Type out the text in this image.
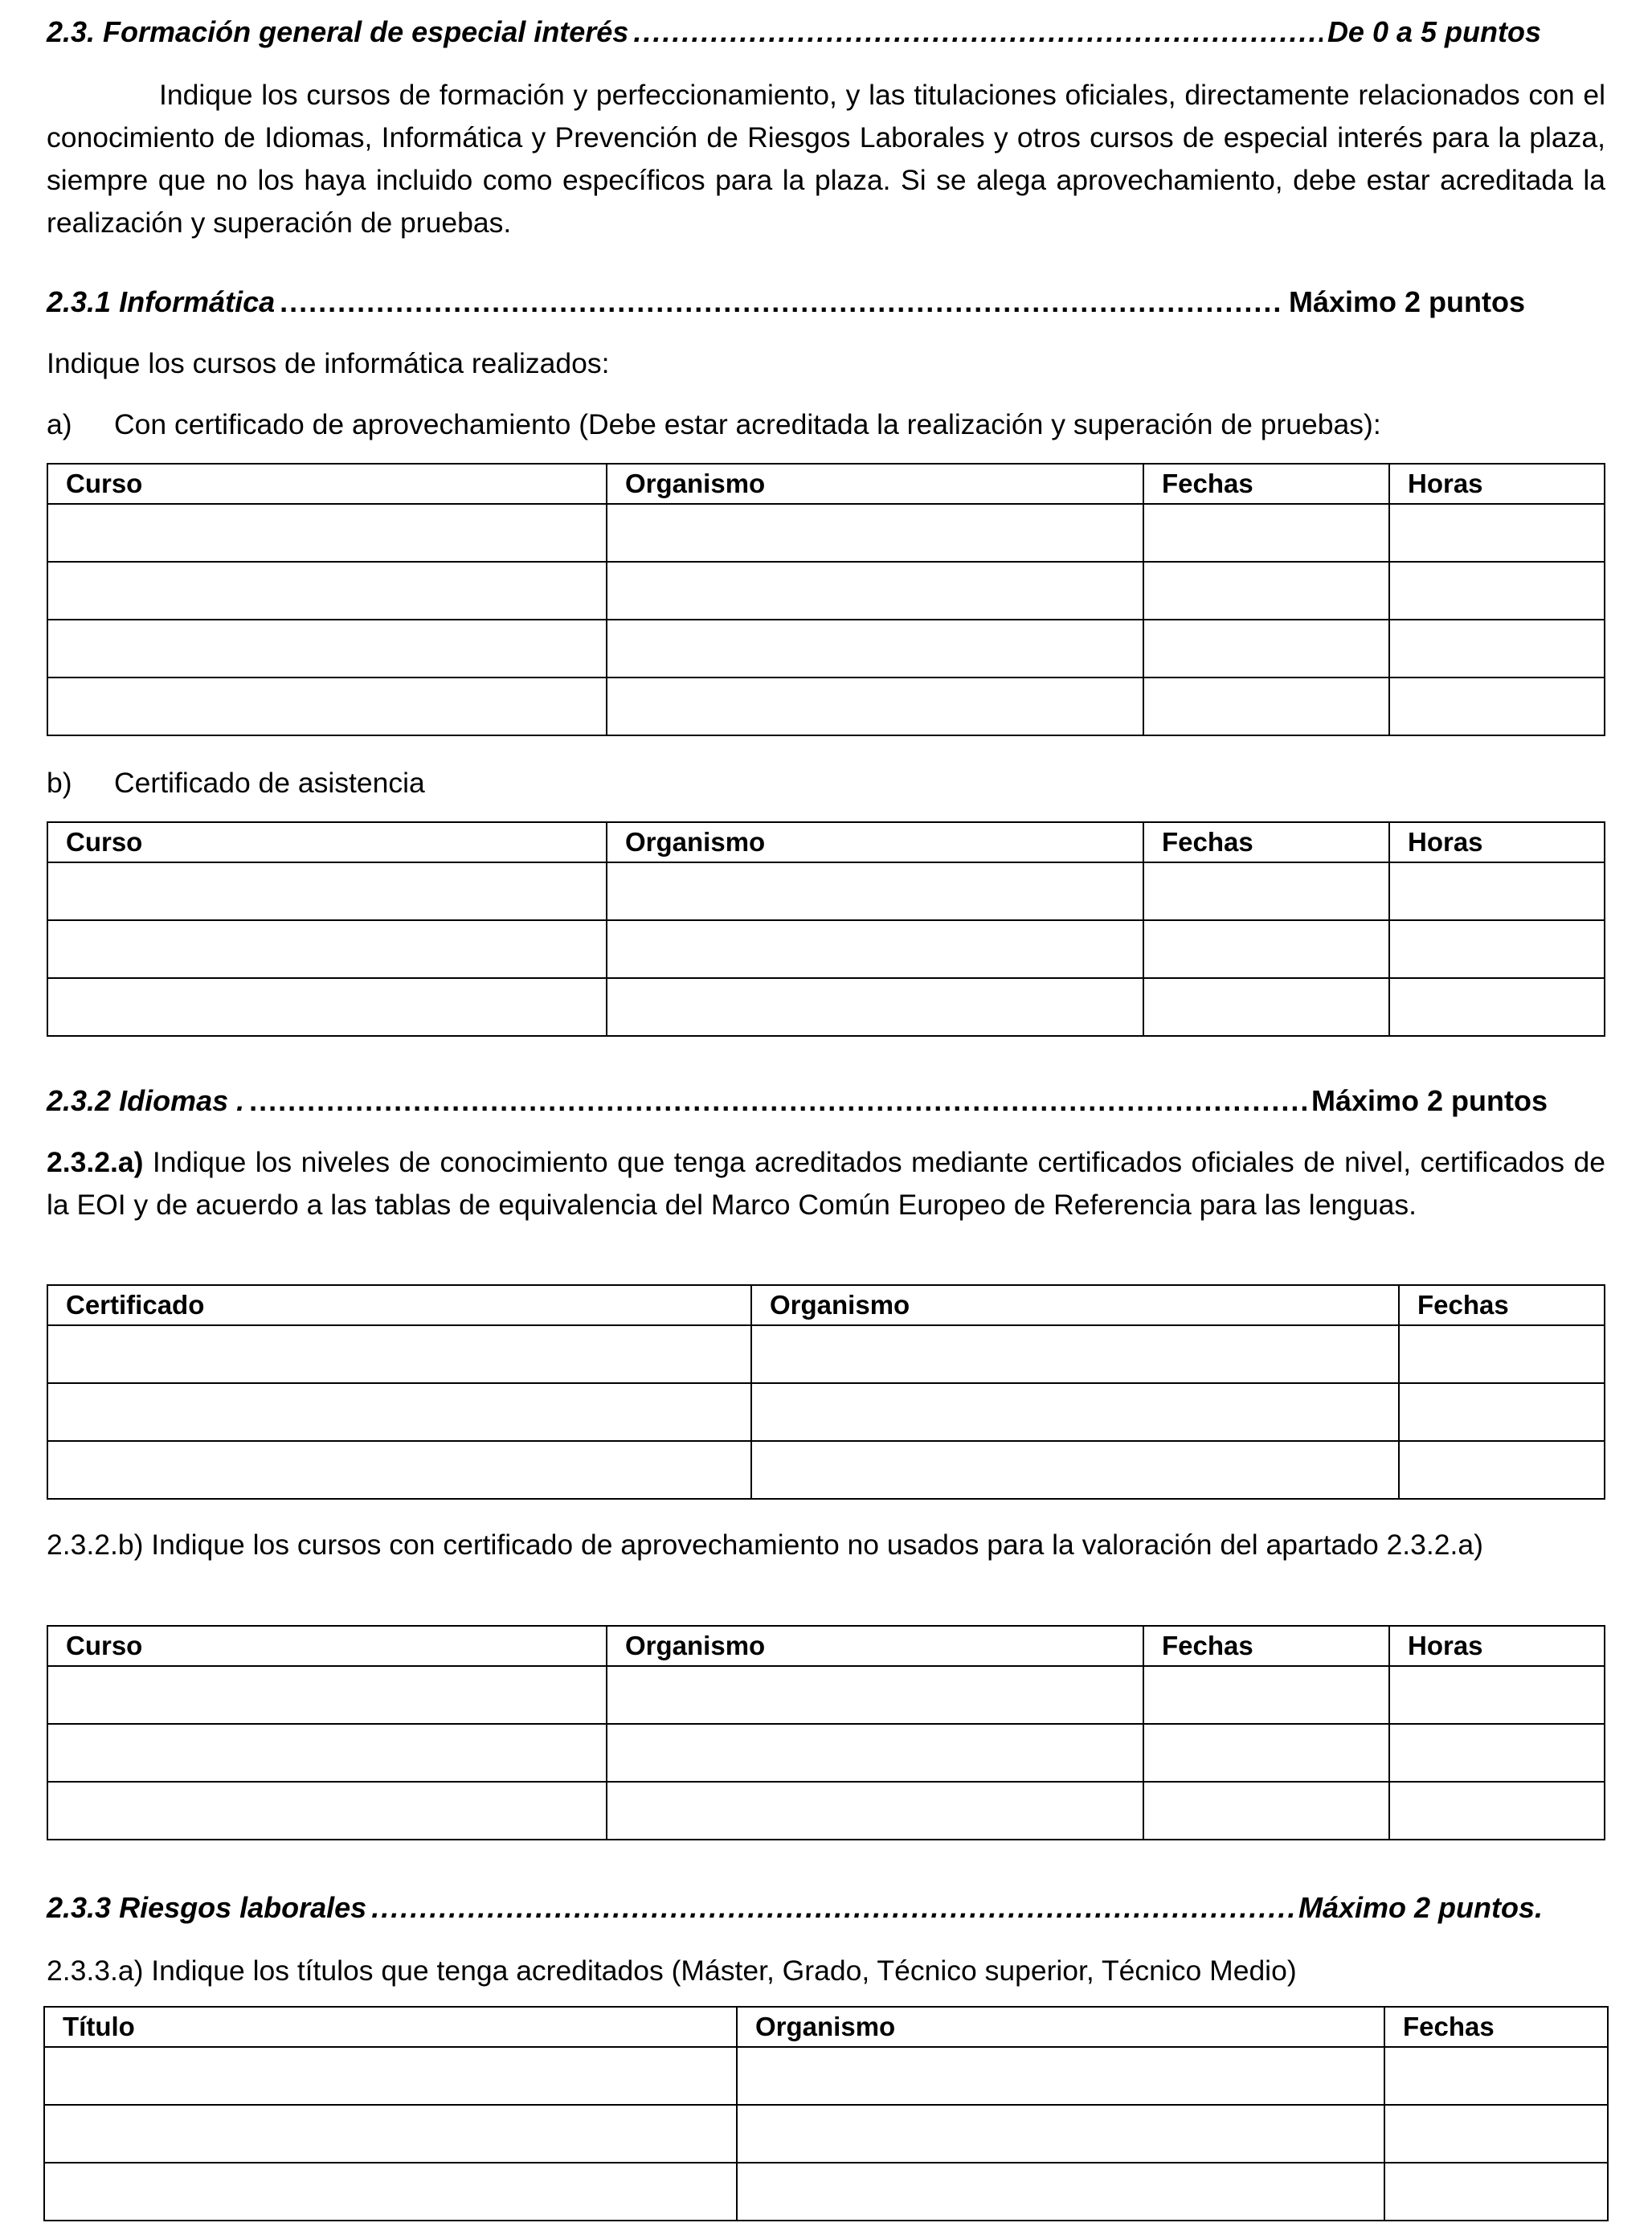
2.3. Formación general de especial interés .....	De 0 a 5 puntos

Indique los cursos de formación y perfeccionamiento, y las titulaciones oficiales, directamente relacionados con el conocimiento de Idiomas, Informática y Prevención de Riesgos Laborales y otros cursos de especial interés para la plaza, siempre que no los haya incluido como específicos para la plaza. Si se alega aprovechamiento, debe estar acreditada la realización y superación de pruebas.

2.3.1 Informática .....	Máximo 2 puntos

Indique los cursos de informática realizados:

a)	Con certificado de aprovechamiento (Debe estar acreditada la realización y superación de pruebas):
Curso	Organismo	Fechas	Horas

b)	Certificado de asistencia
Curso	Organismo	Fechas	Horas

2.3.2 Idiomas . .....	Máximo 2 puntos

2.3.2.a) Indique los niveles de conocimiento que tenga acreditados mediante certificados oficiales de nivel, certificados de la EOI y de acuerdo a las tablas de equivalencia del Marco Común Europeo de Referencia para las lenguas.

Certificado	Organismo	Fechas

2.3.2.b) Indique los cursos con certificado de aprovechamiento no usados para la valoración del apartado 2.3.2.a)

Curso	Organismo	Fechas	Horas

2.3.3 Riesgos laborales .....	Máximo 2 puntos.

2.3.3.a) Indique los títulos que tenga acreditados (Máster, Grado, Técnico superior, Técnico Medio)

Título	Organismo	Fechas
